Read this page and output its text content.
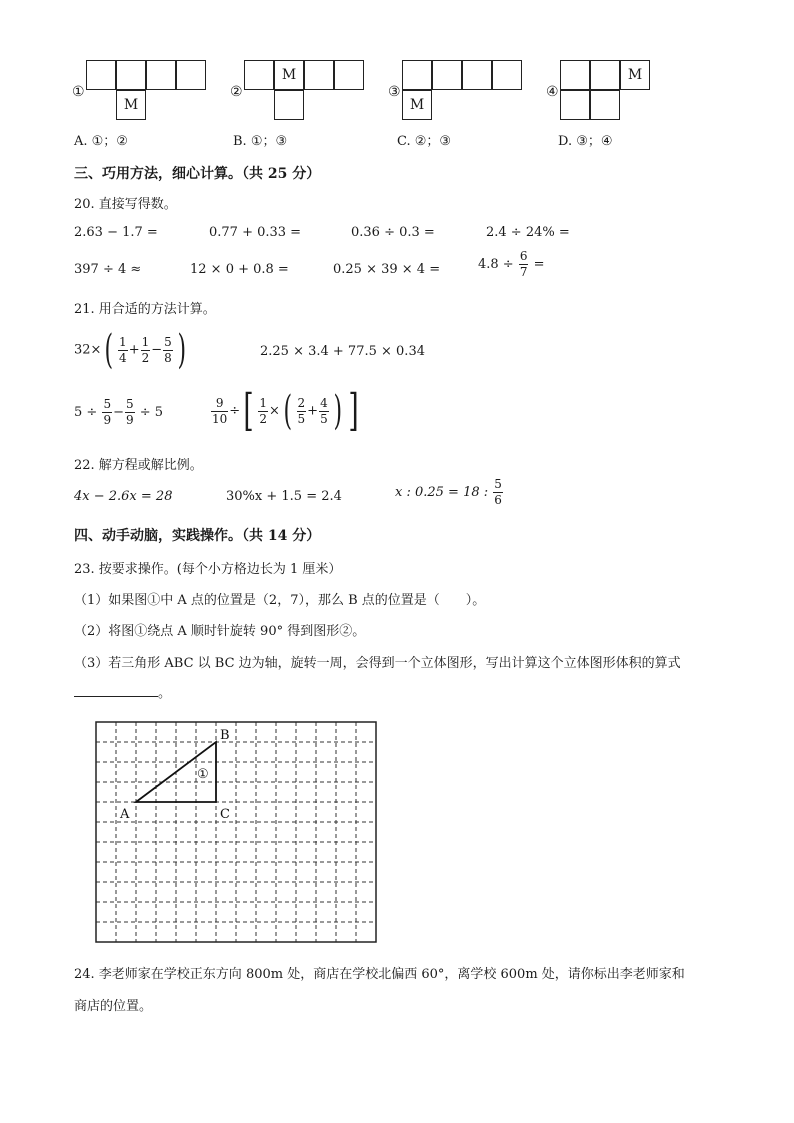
①
M
②
M
③
M
④
M
A. ①；②	B. ①；③	C. ②；③	D. ③；④
三、巧用方法，细心计算。（共 25 分）
20. 直接写得数。
2.63 − 1.7 =	0.77 + 0.33 =	0.36 ÷ 0.3 =	2.4 ÷ 24% =
397 ÷ 4 ≈	12 × 0 + 0.8 =	0.25 × 39 × 4 =	$4.8 \div \frac{6}{7}$ =
21. 用合适的方法计算。
$32\times( \frac{1}{4} + \frac{1}{2} - \frac{5}{8}$ )	2.25 × 3.4 + 77.5 × 0.34
$5 \div \frac{5}{9} - \frac{5}{9} \div 5$	$\frac{9}{10}$ ÷[ $\frac{1}{2}$ ×( $\frac{2}{5} + \frac{4}{5}$ ) ]
22. 解方程或解比例。
4x − 2.6x = 28	30%x + 1.5 = 2.4	x : 0.25 = 18 : $\frac{5}{6}$
四、动手动脑，实践操作。（共 14 分）
23. 按要求操作。(每个小方格边长为 1 厘米）
（1）如果图①中 A 点的位置是（2，7），那么 B 点的位置是（　　）。
（2）将图①绕点 A 顺时针旋转 90° 得到图形②。
（3）若三角形 ABC 以 BC 边为轴，旋转一周，会得到一个立体图形，写出计算这个立体图形体积的算式
。
A
B
C
①
24. 李老师家在学校正东方向 800m 处，商店在学校北偏西 60°，离学校 600m 处，请你标出李老师家和
商店的位置。
